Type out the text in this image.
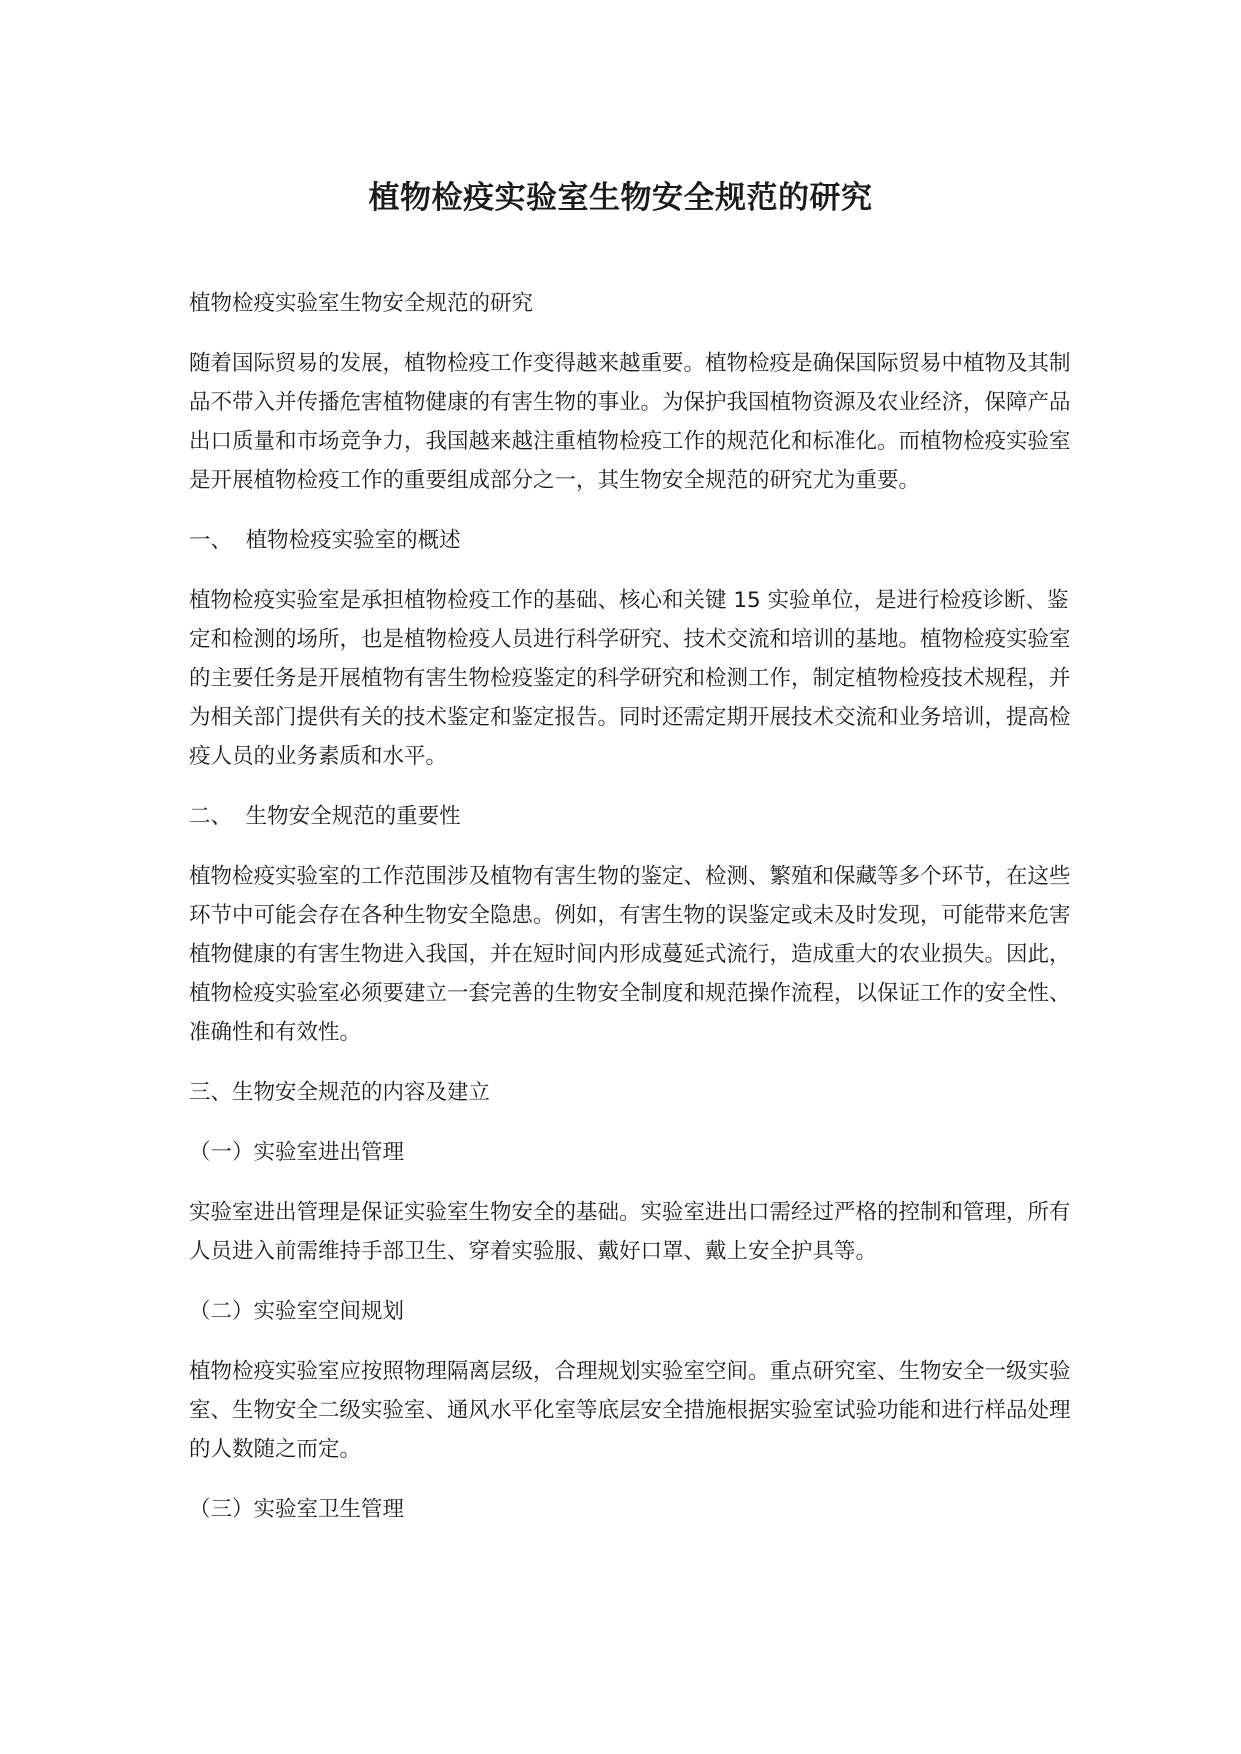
植物检疫实验室生物安全规范的研究

植物检疫实验室生物安全规范的研究

随着国际贸易的发展，植物检疫工作变得越来越重要。植物检疫是确保国际贸易中植物及其制品不带入并传播危害植物健康的有害生物的事业。为保护我国植物资源及农业经济，保障产品出口质量和市场竞争力，我国越来越注重植物检疫工作的规范化和标准化。而植物检疫实验室是开展植物检疫工作的重要组成部分之一，其生物安全规范的研究尤为重要。

一、  植物检疫实验室的概述

植物检疫实验室是承担植物检疫工作的基础、核心和关键 15 实验单位，是进行检疫诊断、鉴定和检测的场所，也是植物检疫人员进行科学研究、技术交流和培训的基地。植物检疫实验室的主要任务是开展植物有害生物检疫鉴定的科学研究和检测工作，制定植物检疫技术规程，并为相关部门提供有关的技术鉴定和鉴定报告。同时还需定期开展技术交流和业务培训，提高检疫人员的业务素质和水平。

二、  生物安全规范的重要性

植物检疫实验室的工作范围涉及植物有害生物的鉴定、检测、繁殖和保藏等多个环节，在这些环节中可能会存在各种生物安全隐患。例如，有害生物的误鉴定或未及时发现，可能带来危害植物健康的有害生物进入我国，并在短时间内形成蔓延式流行，造成重大的农业损失。因此，植物检疫实验室必须要建立一套完善的生物安全制度和规范操作流程，以保证工作的安全性、准确性和有效性。

三、生物安全规范的内容及建立

（一）实验室进出管理

实验室进出管理是保证实验室生物安全的基础。实验室进出口需经过严格的控制和管理，所有人员进入前需维持手部卫生、穿着实验服、戴好口罩、戴上安全护具等。

（二）实验室空间规划

植物检疫实验室应按照物理隔离层级，合理规划实验室空间。重点研究室、生物安全一级实验室、生物安全二级实验室、通风水平化室等底层安全措施根据实验室试验功能和进行样品处理的人数随之而定。

（三）实验室卫生管理
